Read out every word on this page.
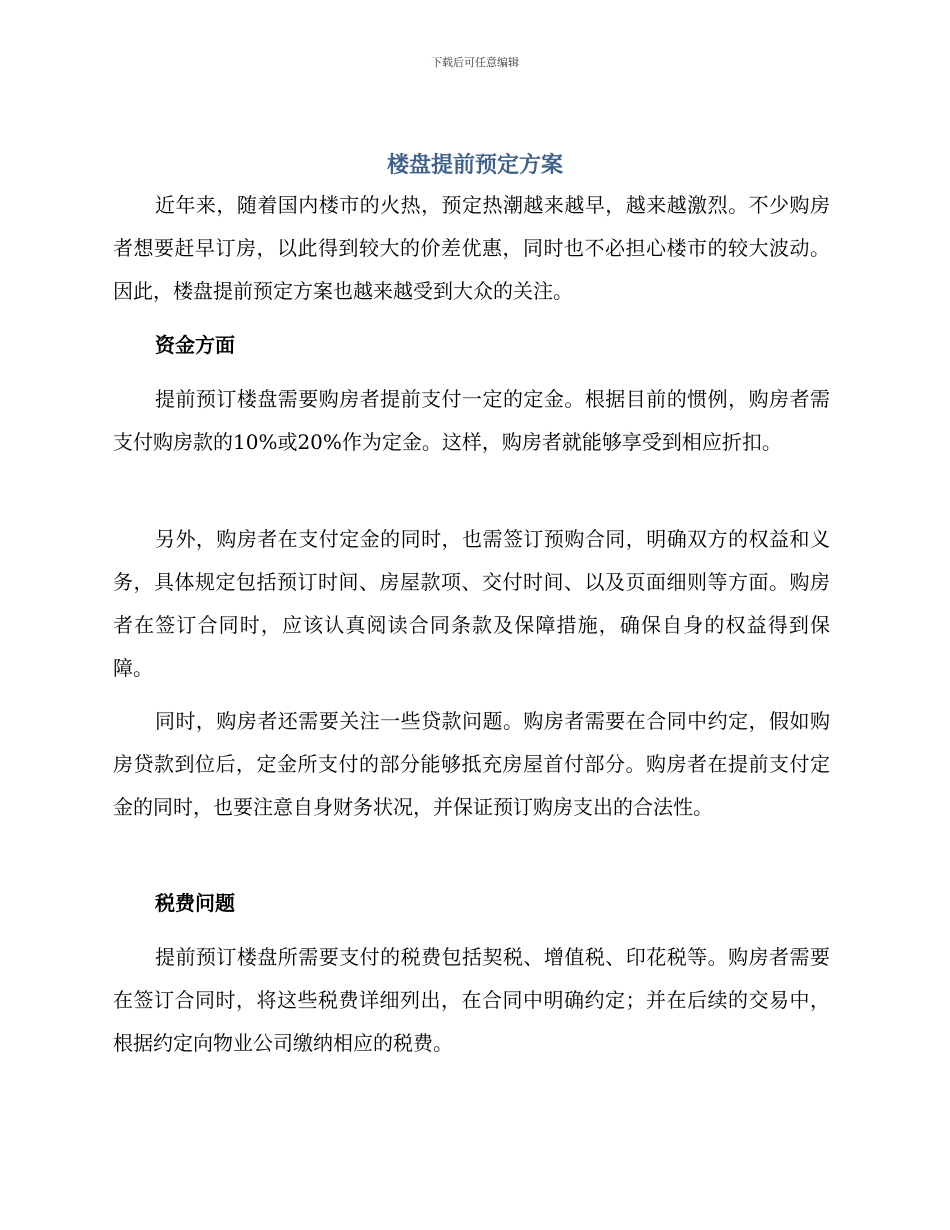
下载后可任意编辑
楼盘提前预定方案

近年来，随着国内楼市的火热，预定热潮越来越早，越来越激烈。不少购房者想要赶早订房，以此得到较大的价差优惠，同时也不必担心楼市的较大波动。因此，楼盘提前预定方案也越来越受到大众的关注。

资金方面

提前预订楼盘需要购房者提前支付一定的定金。根据目前的惯例，购房者需支付购房款的10%或20%作为定金。这样，购房者就能够享受到相应折扣。

另外，购房者在支付定金的同时，也需签订预购合同，明确双方的权益和义务，具体规定包括预订时间、房屋款项、交付时间、以及页面细则等方面。购房者在签订合同时，应该认真阅读合同条款及保障措施，确保自身的权益得到保障。

同时，购房者还需要关注一些贷款问题。购房者需要在合同中约定，假如购房贷款到位后，定金所支付的部分能够抵充房屋首付部分。购房者在提前支付定金的同时，也要注意自身财务状况，并保证预订购房支出的合法性。

税费问题

提前预订楼盘所需要支付的税费包括契税、增值税、印花税等。购房者需要在签订合同时，将这些税费详细列出，在合同中明确约定；并在后续的交易中，根据约定向物业公司缴纳相应的税费。
